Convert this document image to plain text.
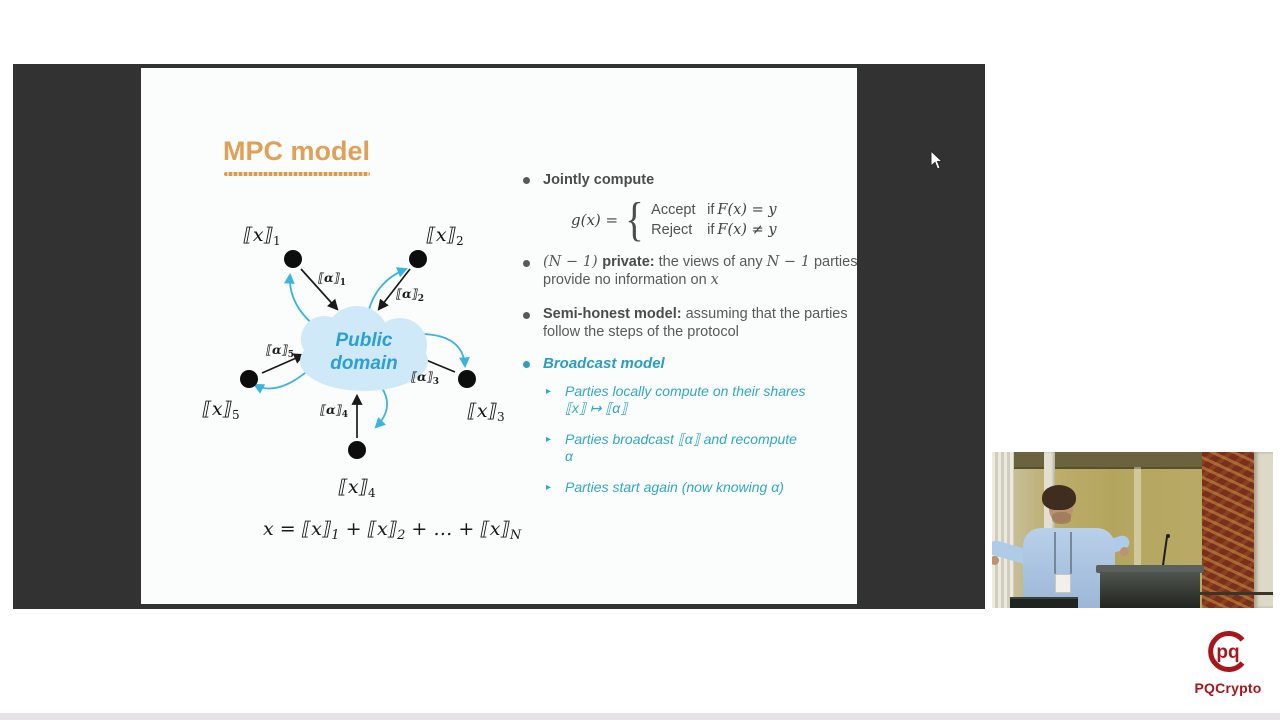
MPC model
Public
domain
$⟦x⟧_1$	$⟦x⟧_2$
$⟦x⟧_3$
$⟦x⟧_4$
$⟦x⟧_5$
$⟦\alpha⟧_1$
$⟦\alpha⟧_2$
$⟦\alpha⟧_3$
$⟦\alpha⟧_4$
$⟦\alpha⟧_5$
$x = ⟦x⟧_1$ + $⟦x⟧_2$ + … + $⟦x⟧_N$
Jointly compute
g(x) = { Accept if F(x) = y
Reject	if F(x) ≠ y
(N − 1) private: the views of any N − 1 parties provide no information on x
Semi-honest model: assuming that the parties follow the steps of the protocol
Broadcast model
▸ Parties locally compute on their shares
⟦x⟧ ↦ ⟦α⟧
▸ Parties broadcast ⟦α⟧ and recompute
α
▸ Parties start again (now knowing α)
pq
PQCrypto
